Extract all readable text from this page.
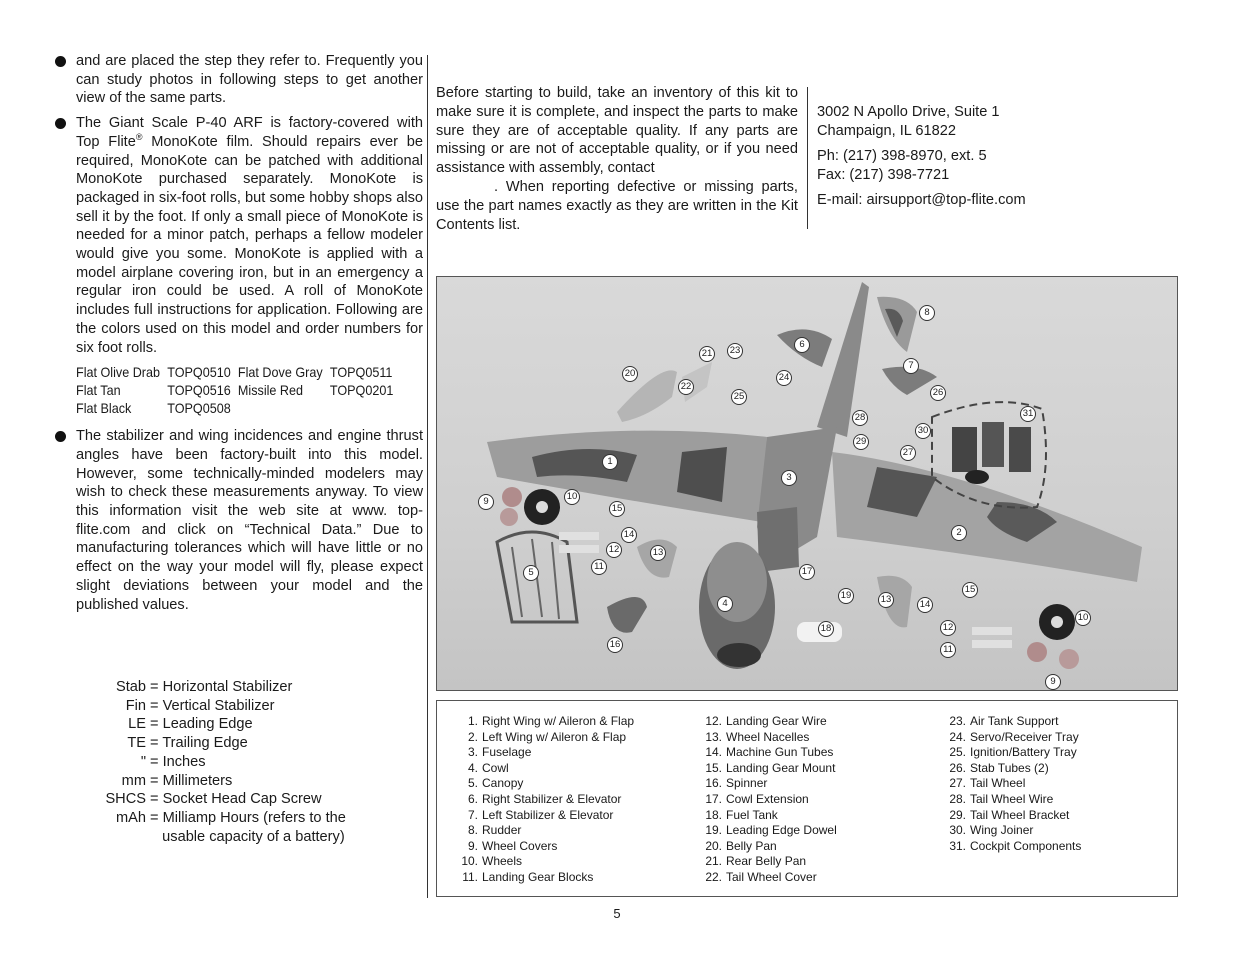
and are placed the step they refer to. Frequently you can study photos in following steps to get another view of the same parts.

The Giant Scale P-40 ARF is factory-covered with Top Flite® MonoKote film. Should repairs ever be required, MonoKote can be patched with additional MonoKote purchased separately. MonoKote is packaged in six-foot rolls, but some hobby shops also sell it by the foot. If only a small piece of MonoKote is needed for a minor patch, perhaps a fellow modeler would give you some. MonoKote is applied with a model airplane covering iron, but in an emergency a regular iron could be used. A roll of MonoKote includes full instructions for application. Following are the colors used on this model and order numbers for six foot rolls.

Flat Olive Drab	TOPQ0510	Flat Dove Gray	TOPQ0511
Flat Tan	TOPQ0516	Missile Red	TOPQ0201
Flat Black	TOPQ0508		

The stabilizer and wing incidences and engine thrust angles have been factory-built into this model. However, some technically-minded modelers may wish to check these measurements anyway. To view this information visit the web site at www. top-flite.com and click on “Technical Data.” Due to manufacturing tolerances which will have little or no effect on the way your model will fly, please expect slight deviations between your model and the published values.

Stab = Horizontal Stabilizer
Fin = Vertical Stabilizer
LE = Leading Edge
TE = Trailing Edge
" = Inches
mm = Millimeters
SHCS = Socket Head Cap Screw
mAh = Milliamp Hours (refers to the
usable capacity of a battery)
Before starting to build, take an inventory of this kit to make sure it is complete, and inspect the parts to make sure they are of acceptable quality. If any parts are missing or are not of acceptable quality, or if you need assistance with assembly, contact
. When reporting defective or missing parts, use the part names exactly as they are written in the Kit Contents list.

3002 N Apollo Drive, Suite 1
Champaign, IL 61822

Ph: (217) 398-8970, ext. 5
Fax: (217) 398-7721

E-mail: airsupport@top-flite.com

1
2
3
4
5
6
7
8
9	10
11
12	13
14
15
16
17
18
19
20
21
22
23
24
25	26
27
28
29
30
31
9
10
11
12
13	14
15
1. Right Wing w/ Aileron & Flap
2. Left Wing w/ Aileron & Flap
3. Fuselage
4. Cowl
5. Canopy
6. Right Stabilizer & Elevator
7. Left Stabilizer & Elevator
8. Rudder
9. Wheel Covers
10. Wheels
11. Landing Gear Blocks
12. Landing Gear Wire
13. Wheel Nacelles
14. Machine Gun Tubes
15. Landing Gear Mount
16. Spinner
17. Cowl Extension
18. Fuel Tank
19. Leading Edge Dowel
20. Belly Pan
21. Rear Belly Pan
22. Tail Wheel Cover
23. Air Tank Support
24. Servo/Receiver Tray
25. Ignition/Battery Tray
26. Stab Tubes (2)
27. Tail Wheel
28. Tail Wheel Wire
29. Tail Wheel Bracket
30. Wing Joiner
31. Cockpit Components
5
